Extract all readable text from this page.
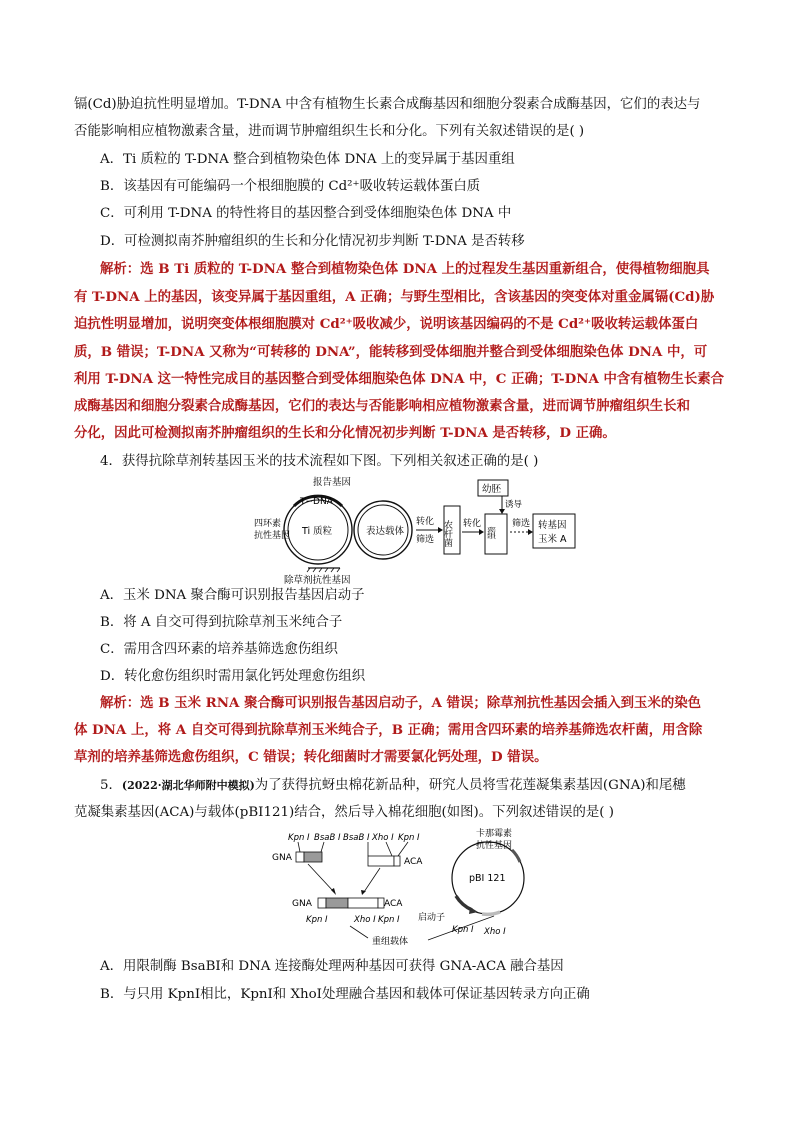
镉(Cd)胁迫抗性明显增加。T-DNA 中含有植物生长素合成酶基因和细胞分裂素合成酶基因，它们的表达与

否能影响相应植物激素含量，进而调节肿瘤组织生长和分化。下列有关叙述错误的是( )

A．Ti 质粒的 T-DNA 整合到植物染色体 DNA 上的变异属于基因重组
B．该基因有可能编码一个根细胞膜的 Cd²⁺吸收转运载体蛋白质
C．可利用 T-DNA 的特性将目的基因整合到受体细胞染色体 DNA 中
D．可检测拟南芥肿瘤组织的生长和分化情况初步判断 T-DNA 是否转移
解析：选 B Ti 质粒的 T-DNA 整合到植物染色体 DNA 上的过程发生基因重新组合，使得植物细胞具
有 T-DNA 上的基因，该变异属于基因重组，A 正确；与野生型相比，含该基因的突变体对重金属镉(Cd)胁
迫抗性明显增加，说明突变体根细胞膜对 Cd²⁺吸收减少，说明该基因编码的不是 Cd²⁺吸收转运载体蛋白
质，B 错误；T-DNA 又称为“可转移的 DNA”，能转移到受体细胞并整合到受体细胞染色体 DNA 中，可
利用 T-DNA 这一特性完成目的基因整合到受体细胞染色体 DNA 中，C 正确；T-DNA 中含有植物生长素合
成酶基因和细胞分裂素合成酶基因，它们的表达与否能影响相应植物激素含量，进而调节肿瘤组织生长和
分化，因此可检测拟南芥肿瘤组织的生长和分化情况初步判断 T-DNA 是否转移，D 正确。
4．获得抗除草剂转基因玉米的技术流程如下图。下列相关叙述正确的是( )
报告基因
T−DNA
Ti 质粒
四环素
抗性基因
除草剂抗性基因
表达载体
转化
筛选 农杆菌 转化
幼胚
诱导
愈伤组织
筛选 转基因
玉米 A
A．玉米 DNA 聚合酶可识别报告基因启动子
B．将 A 自交可得到抗除草剂玉米纯合子
C．需用含四环素的培养基筛选愈伤组织
D．转化愈伤组织时需用氯化钙处理愈伤组织
解析：选 B 玉米 RNA 聚合酶可识别报告基因启动子，A 错误；除草剂抗性基因会插入到玉米的染色
体 DNA 上，将 A 自交可得到抗除草剂玉米纯合子，B 正确；需用含四环素的培养基筛选农杆菌，用含除
草剂的培养基筛选愈伤组织，C 错误；转化细菌时才需要氯化钙处理，D 错误。
5．(2022·湖北华师附中模拟)为了获得抗蚜虫棉花新品种，研究人员将雪花莲凝集素基因(GNA)和尾穗
苋凝集素基因(ACA)与载体(pBI121)结合，然后导入棉花细胞(如图)。下列叙述错误的是( )
Kpn Ⅰ BsaB Ⅰ BsaB Ⅰ Xho Ⅰ Kpn Ⅰ
GNA	ACA
GNA	ACA
Kpn Ⅰ	Xho Ⅰ Kpn Ⅰ
重组载体
卡那霉素
抗性基因
pBI 121
启动子
Kpn Ⅰ Xho Ⅰ
A．用限制酶 BsaBⅠ和 DNA 连接酶处理两种基因可获得 GNA-ACA 融合基因
B．与只用 KpnⅠ相比，KpnⅠ和 XhoⅠ处理融合基因和载体可保证基因转录方向正确
